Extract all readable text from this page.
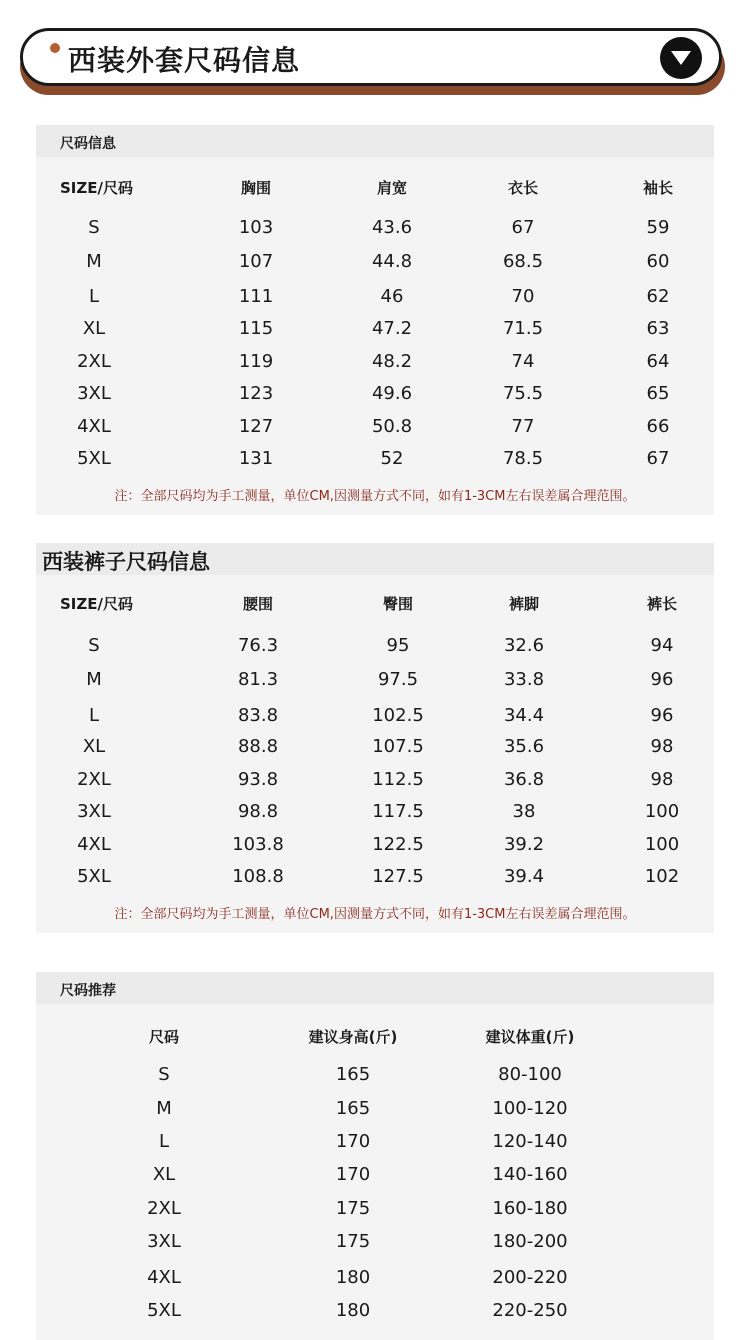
西装外套尺码信息
尺码信息
SIZE/尺码	胸围	肩宽	衣长	袖长
S	103	43.6	67	59
M	107	44.8	68.5	60
L	111	46	70	62
XL	115	47.2	71.5	63
2XL	119	48.2	74	64
3XL	123	49.6	75.5	65
4XL	127	50.8	77	66
5XL	131	52	78.5	67
注：全部尺码均为手工测量，单位CM,因测量方式不同，如有1-3CM左右误差属合理范围。
西装裤子尺码信息
SIZE/尺码	腰围	臀围	裤脚	裤长
S	76.3	95	32.6	94
M	81.3	97.5	33.8	96
L	83.8	102.5	34.4	96
XL	88.8	107.5	35.6	98
2XL	93.8	112.5	36.8	98
3XL	98.8	117.5	38	100
4XL	103.8	122.5	39.2	100
5XL	108.8	127.5	39.4	102
注：全部尺码均为手工测量，单位CM,因测量方式不同，如有1-3CM左右误差属合理范围。
尺码推荐
尺码	建议身高(斤)	建议体重(斤)
S	165	80-100
M	165	100-120
L	170	120-140
XL	170	140-160
2XL	175	160-180
3XL	175	180-200
4XL	180	200-220
5XL	180	220-250
